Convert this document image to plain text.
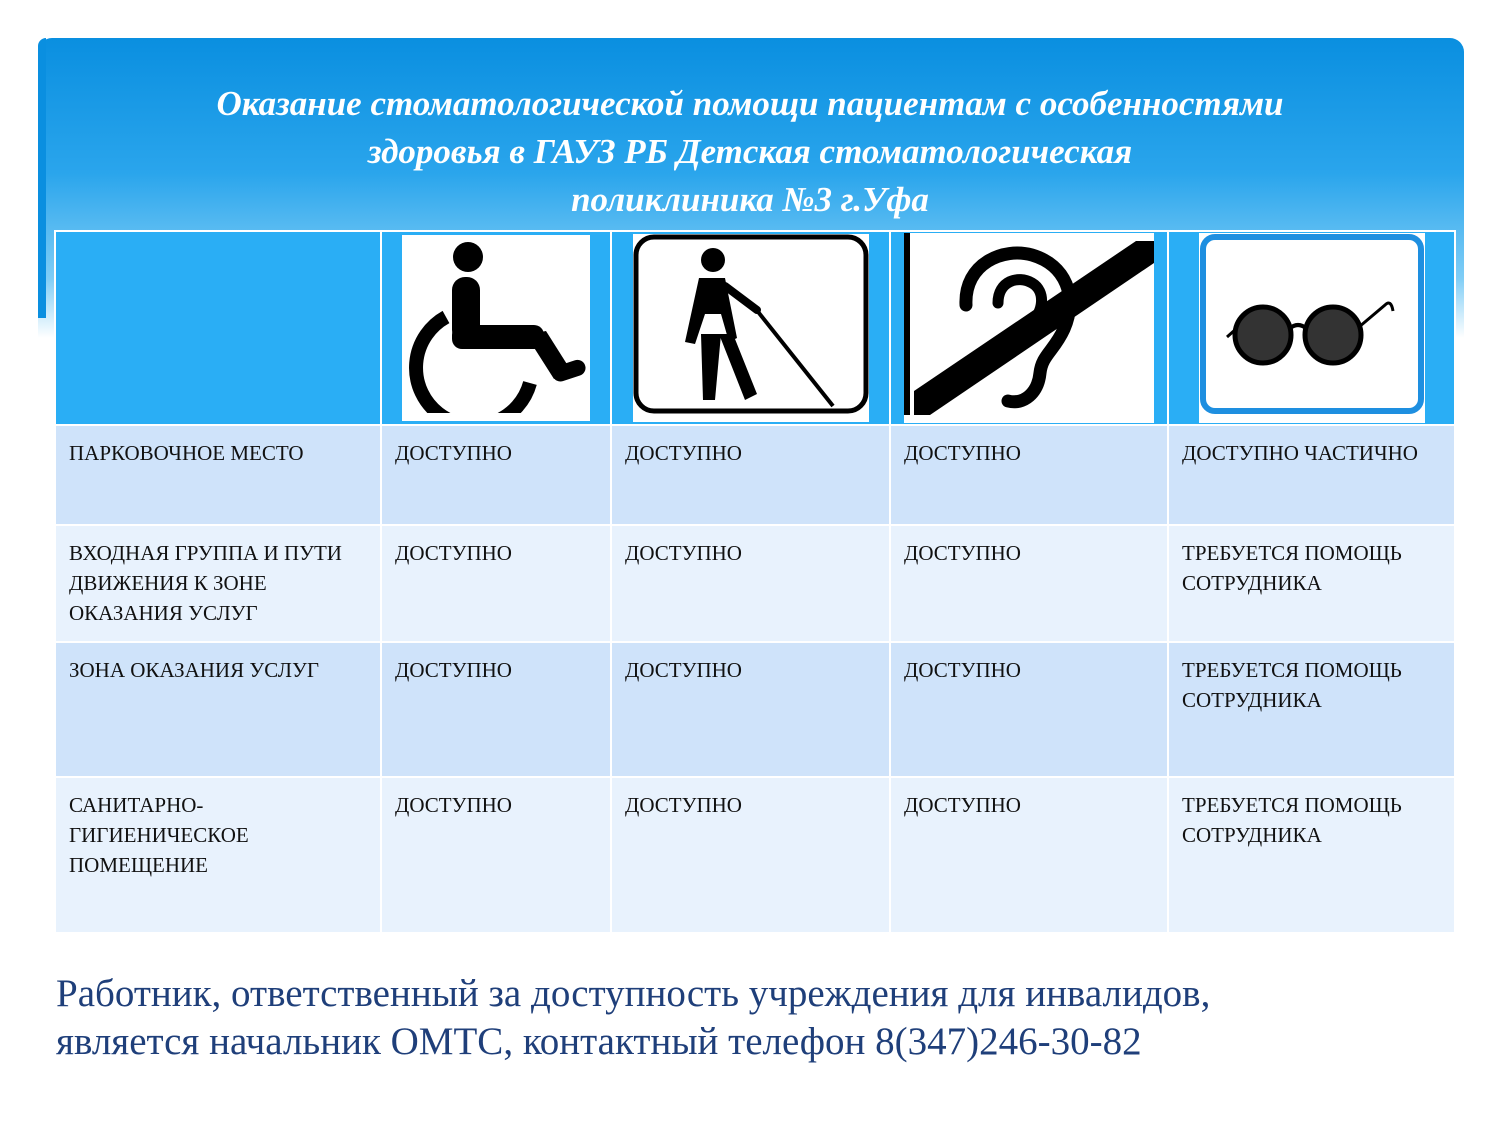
Оказание стоматологической помощи пациентам с особенностями
здоровья в ГАУЗ РБ Детская стоматологическая
поликлиника №3 г.Уфа

ПАРКОВОЧНОЕ МЕСТО	ДОСТУПНО	ДОСТУПНО	ДОСТУПНО	ДОСТУПНО ЧАСТИЧНО
ВХОДНАЯ ГРУППА И ПУТИ ДВИЖЕНИЯ К ЗОНЕ ОКАЗАНИЯ УСЛУГ	ДОСТУПНО	ДОСТУПНО	ДОСТУПНО	ТРЕБУЕТСЯ ПОМОЩЬ СОТРУДНИКА
ЗОНА ОКАЗАНИЯ УСЛУГ	ДОСТУПНО	ДОСТУПНО	ДОСТУПНО	ТРЕБУЕТСЯ ПОМОЩЬ СОТРУДНИКА
САНИТАРНО-ГИГИЕНИЧЕСКОЕ ПОМЕЩЕНИЕ	ДОСТУПНО	ДОСТУПНО	ДОСТУПНО	ТРЕБУЕТСЯ ПОМОЩЬ СОТРУДНИКА

Работник, ответственный за доступность учреждения для инвалидов,
является начальник ОМТС, контактный телефон 8(347)246-30-82
